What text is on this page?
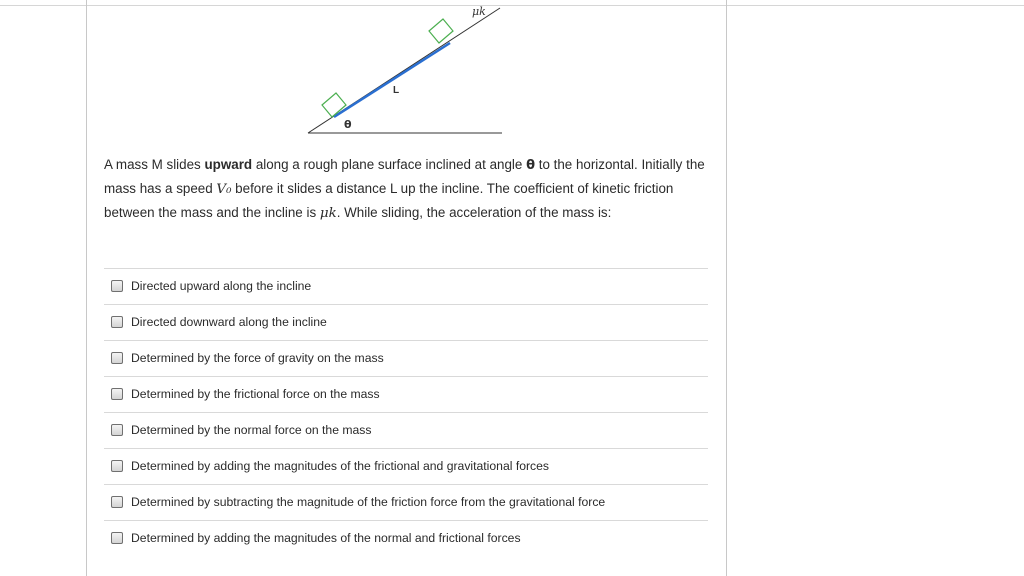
μk
L
θ
A mass M slides upward along a rough plane surface inclined at angle θ to the horizontal. Initially the mass has a speed V₀ before it slides a distance L up the incline. The coefficient of kinetic friction between the mass and the incline is μk. While sliding, the acceleration of the mass is:
Directed upward along the incline
Directed downward along the incline
Determined by the force of gravity on the mass
Determined by the frictional force on the mass
Determined by the normal force on the mass
Determined by adding the magnitudes of the frictional and gravitational forces
Determined by subtracting the magnitude of the friction force from the gravitational force
Determined by adding the magnitudes of the normal and frictional forces
